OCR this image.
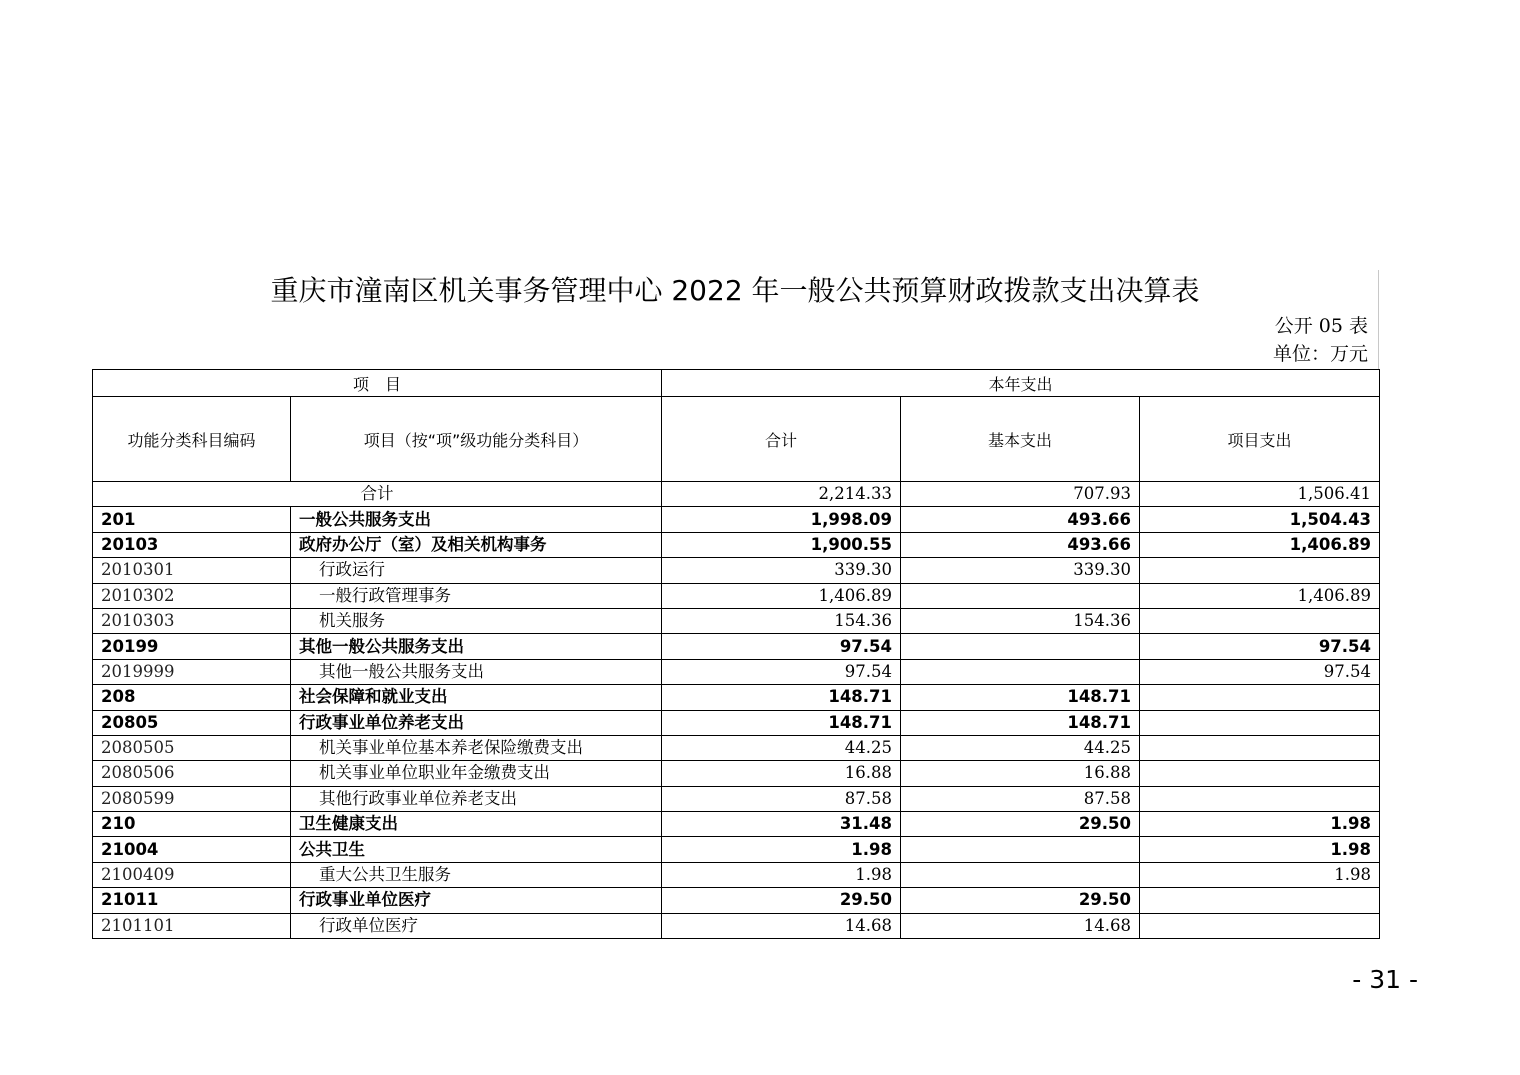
重庆市潼南区机关事务管理中心 2022 年一般公共预算财政拨款支出决算表
公开 05 表
单位：万元
项　目		本年支出		
功能分类科目编码	项目（按“项”级功能分类科目）	合计	基本支出	项目支出
合计		2,214.33	707.93	1,506.41
201	一般公共服务支出	1,998.09	493.66	1,504.43
20103	政府办公厅（室）及相关机构事务	1,900.55	493.66	1,406.89
2010301	行政运行	339.30	339.30	
2010302	一般行政管理事务	1,406.89		1,406.89
2010303	机关服务	154.36	154.36	
20199	其他一般公共服务支出	97.54		97.54
2019999	其他一般公共服务支出	97.54		97.54
208	社会保障和就业支出	148.71	148.71	
20805	行政事业单位养老支出	148.71	148.71	
2080505	机关事业单位基本养老保险缴费支出	44.25	44.25	
2080506	机关事业单位职业年金缴费支出	16.88	16.88	
2080599	其他行政事业单位养老支出	87.58	87.58	
210	卫生健康支出	31.48	29.50	1.98
21004	公共卫生	1.98		1.98
2100409	重大公共卫生服务	1.98		1.98
21011	行政事业单位医疗	29.50	29.50	
2101101	行政单位医疗	14.68	14.68	
- 31 -
